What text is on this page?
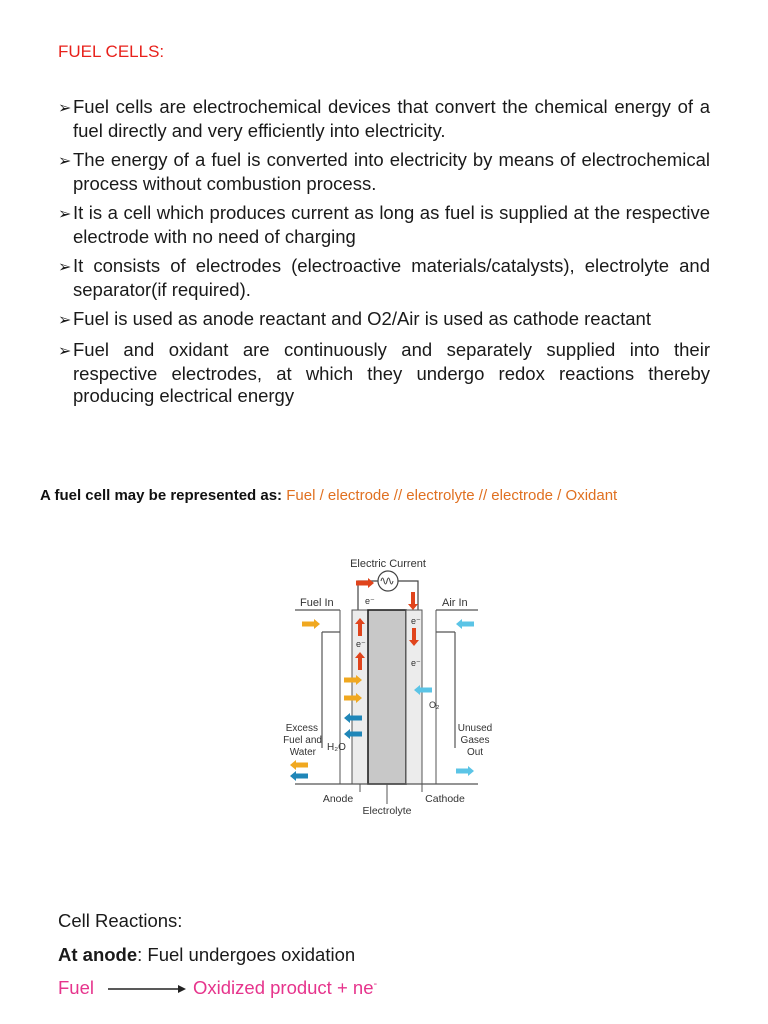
FUEL CELLS:
➢Fuel cells are electrochemical devices that convert the chemical energy of a fuel directly and very efficiently into electricity.
➢The energy of a fuel is converted into electricity by means of electrochemical process without combustion process.
➢It is a cell which produces current as long as fuel is supplied at the respective electrode with no need of charging
➢It consists of electrodes (electroactive materials/catalysts), electrolyte and separator(if required).
➢Fuel is used as anode reactant and O2/Air is used as cathode reactant
➢Fuel and oxidant are continuously and separately supplied into their respective electrodes, at which they undergo redox reactions thereby producing electrical energy
A fuel cell may be represented as: Fuel / electrode // electrolyte // electrode / Oxidant
Electric Current
e⁻
Fuel In	Air In
e⁻
e⁻
e⁻
H₂O
O₂
Excess
Fuel and
Water
Unused
Gases
Out
Anode
Electrolyte
Cathode
Cell Reactions:
At anode: Fuel undergoes oxidation
Fuel	Oxidized product + ne-
